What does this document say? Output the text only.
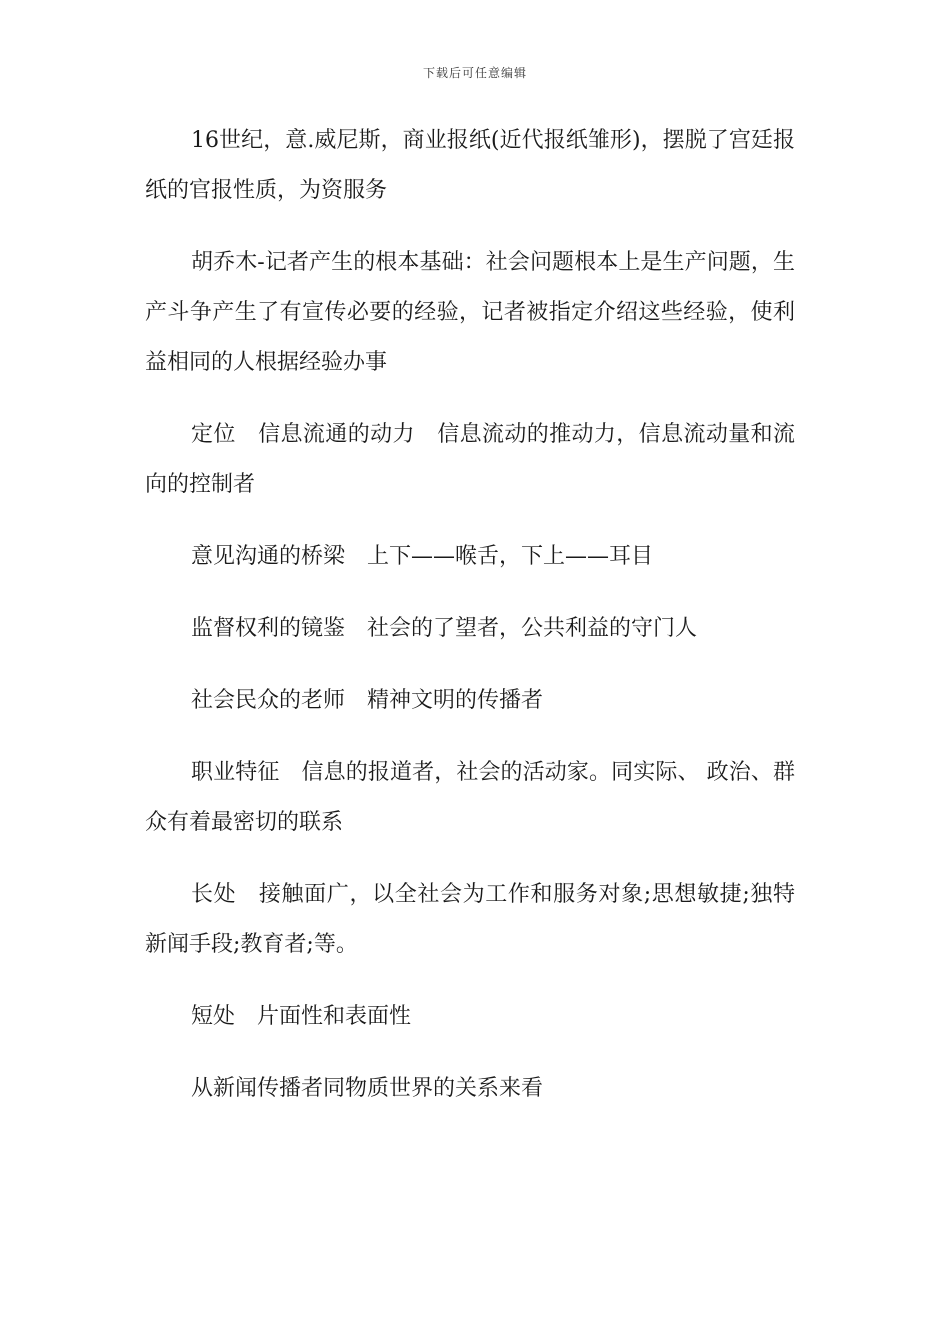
下载后可任意编辑

16世纪，意.威尼斯，商业报纸(近代报纸雏形)，摆脱了宫廷报纸的官报性质，为资服务

胡乔木-记者产生的根本基础：社会问题根本上是生产问题，生产斗争产生了有宣传必要的经验，记者被指定介绍这些经验，使利益相同的人根据经验办事

定位　信息流通的动力　信息流动的推动力，信息流动量和流向的控制者

意见沟通的桥梁　上下——喉舌，下上——耳目

监督权利的镜鉴　社会的了望者，公共利益的守门人

社会民众的老师　精神文明的传播者

职业特征　信息的报道者，社会的活动家。同实际、 政治、群众有着最密切的联系

长处　接触面广，以全社会为工作和服务对象;思想敏捷;独特新闻手段;教育者;等。

短处　片面性和表面性

从新闻传播者同物质世界的关系来看
